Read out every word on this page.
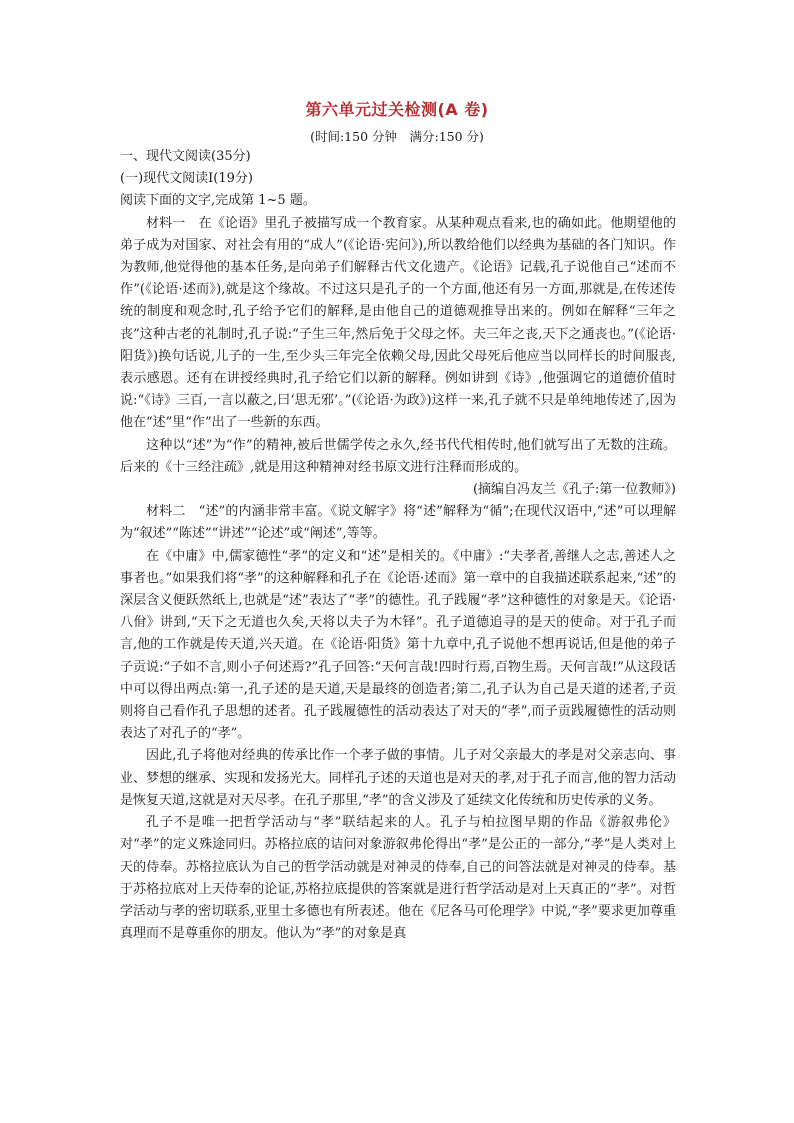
第六单元过关检测(A 卷)
(时间:150 分钟　满分:150 分)

一、现代文阅读(35分)

(一)现代文阅读Ⅰ(19分)

阅读下面的文字,完成第 1~5 题。

材料一　在《论语》里孔子被描写成一个教育家。从某种观点看来,也的确如此。他期望他的弟子成为对国家、对社会有用的“成人”(《论语·宪问》),所以教给他们以经典为基础的各门知识。作为教师,他觉得他的基本任务,是向弟子们解释古代文化遗产。《论语》记载,孔子说他自己“述而不作”(《论语·述而》),就是这个缘故。不过这只是孔子的一个方面,他还有另一方面,那就是,在传述传统的制度和观念时,孔子给予它们的解释,是由他自己的道德观推导出来的。例如在解释“三年之丧”这种古老的礼制时,孔子说:“子生三年,然后免于父母之怀。夫三年之丧,天下之通丧也。”(《论语·阳货》)换句话说,儿子的一生,至少头三年完全依赖父母,因此父母死后他应当以同样长的时间服丧,表示感恩。还有在讲授经典时,孔子给它们以新的解释。例如讲到《诗》,他强调它的道德价值时说:“《诗》三百,一言以蔽之,曰‘思无邪’。”(《论语·为政》)这样一来,孔子就不只是单纯地传述了,因为他在“述”里“作”出了一些新的东西。

这种以“述”为“作”的精神,被后世儒学传之永久,经书代代相传时,他们就写出了无数的注疏。后来的《十三经注疏》,就是用这种精神对经书原文进行注释而形成的。

(摘编自冯友兰《孔子:第一位教师》)

材料二　“述”的内涵非常丰富。《说文解字》将“述”解释为“循”;在现代汉语中,“述”可以理解为“叙述”“陈述”“讲述”“论述”或“阐述”,等等。

在《中庸》中,儒家德性“孝”的定义和“述”是相关的。《中庸》:“夫孝者,善继人之志,善述人之事者也。”如果我们将“孝”的这种解释和孔子在《论语·述而》第一章中的自我描述联系起来,“述”的深层含义便跃然纸上,也就是“述”表达了“孝”的德性。孔子践履“孝”这种德性的对象是天。《论语·八佾》讲到,“天下之无道也久矣,天将以夫子为木铎”。孔子道德追寻的是天的使命。对于孔子而言,他的工作就是传天道,兴天道。在《论语·阳货》第十九章中,孔子说他不想再说话,但是他的弟子子贡说:“子如不言,则小子何述焉?”孔子回答:“天何言哉!四时行焉,百物生焉。天何言哉!”从这段话中可以得出两点:第一,孔子述的是天道,天是最终的创造者;第二,孔子认为自己是天道的述者,子贡则将自己看作孔子思想的述者。孔子践履德性的活动表达了对天的“孝”,而子贡践履德性的活动则表达了对孔子的“孝”。

因此,孔子将他对经典的传承比作一个孝子做的事情。儿子对父亲最大的孝是对父亲志向、事业、梦想的继承、实现和发扬光大。同样孔子述的天道也是对天的孝,对于孔子而言,他的智力活动是恢复天道,这就是对天尽孝。在孔子那里,“孝”的含义涉及了延续文化传统和历史传承的义务。

孔子不是唯一把哲学活动与“孝”联结起来的人。孔子与柏拉图早期的作品《游叙弗伦》对“孝”的定义殊途同归。苏格拉底的诘问对象游叙弗伦得出“孝”是公正的一部分,“孝”是人类对上天的侍奉。苏格拉底认为自己的哲学活动就是对神灵的侍奉,自己的问答法就是对神灵的侍奉。基于苏格拉底对上天侍奉的论证,苏格拉底提供的答案就是进行哲学活动是对上天真正的“孝”。对哲学活动与孝的密切联系,亚里士多德也有所表述。他在《尼各马可伦理学》中说,“孝”要求更加尊重真理而不是尊重你的朋友。他认为“孝”的对象是真
